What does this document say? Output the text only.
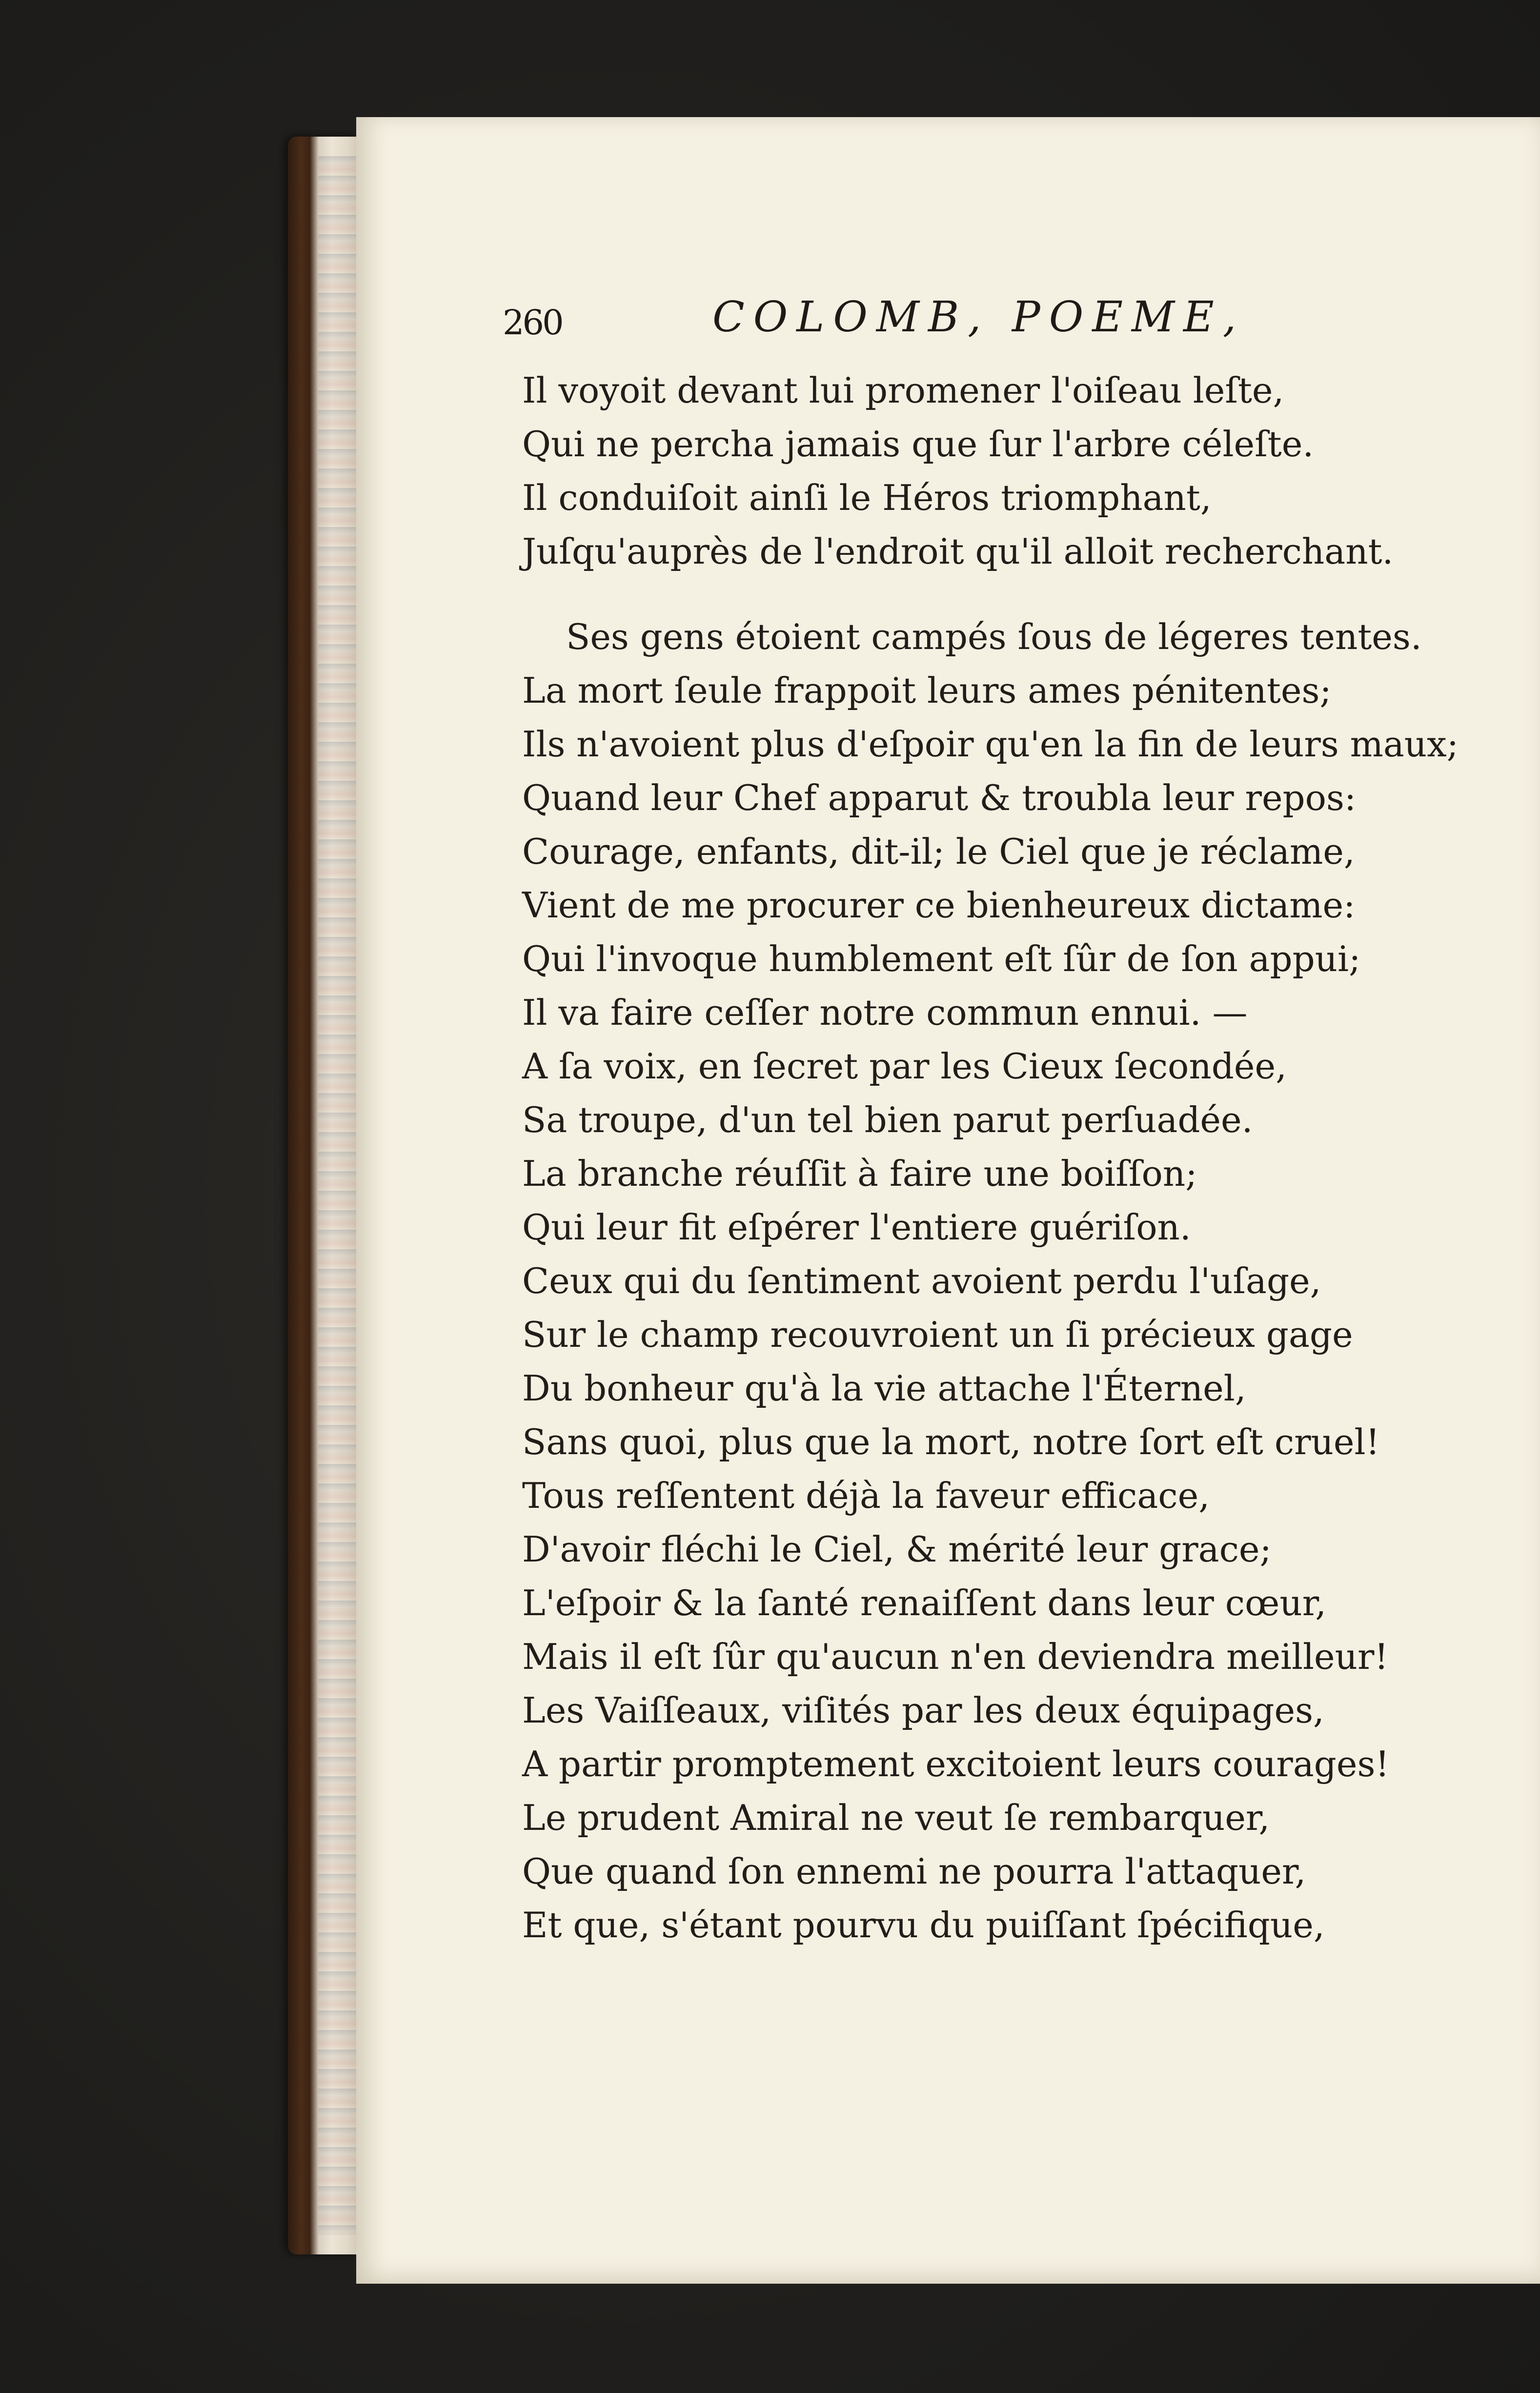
260	COLOMB, POEME,
Il voyoit devant lui promener l'oiſeau leſte,
Qui ne percha jamais que ſur l'arbre céleſte.
Il conduiſoit ainſi le Héros triomphant,
Juſqu'auprès de l'endroit qu'il alloit recherchant.
Ses gens étoient campés ſous de légeres tentes.
La mort ſeule frappoit leurs ames pénitentes;
Ils n'avoient plus d'eſpoir qu'en la fin de leurs maux;
Quand leur Chef apparut & troubla leur repos:
Courage, enfants, dit-il; le Ciel que je réclame,
Vient de me procurer ce bienheureux dictame:
Qui l'invoque humblement eſt ſûr de ſon appui;
Il va faire ceſſer notre commun ennui. —
A ſa voix, en ſecret par les Cieux ſecondée,
Sa troupe, d'un tel bien parut perſuadée.
La branche réuſſit à faire une boiſſon;
Qui leur fit eſpérer l'entiere guériſon.
Ceux qui du ſentiment avoient perdu l'uſage,
Sur le champ recouvroient un ſi précieux gage
Du bonheur qu'à la vie attache l'Éternel,
Sans quoi, plus que la mort, notre ſort eſt cruel!
Tous reſſentent déjà la faveur efficace,
D'avoir fléchi le Ciel, & mérité leur grace;
L'eſpoir & la ſanté renaiſſent dans leur cœur,
Mais il eſt ſûr qu'aucun n'en deviendra meilleur!
Les Vaiſſeaux, viſités par les deux équipages,
A partir promptement excitoient leurs courages!
Le prudent Amiral ne veut ſe rembarquer,
Que quand ſon ennemi ne pourra l'attaquer,
Et que, s'étant pourvu du puiſſant ſpécifique,
